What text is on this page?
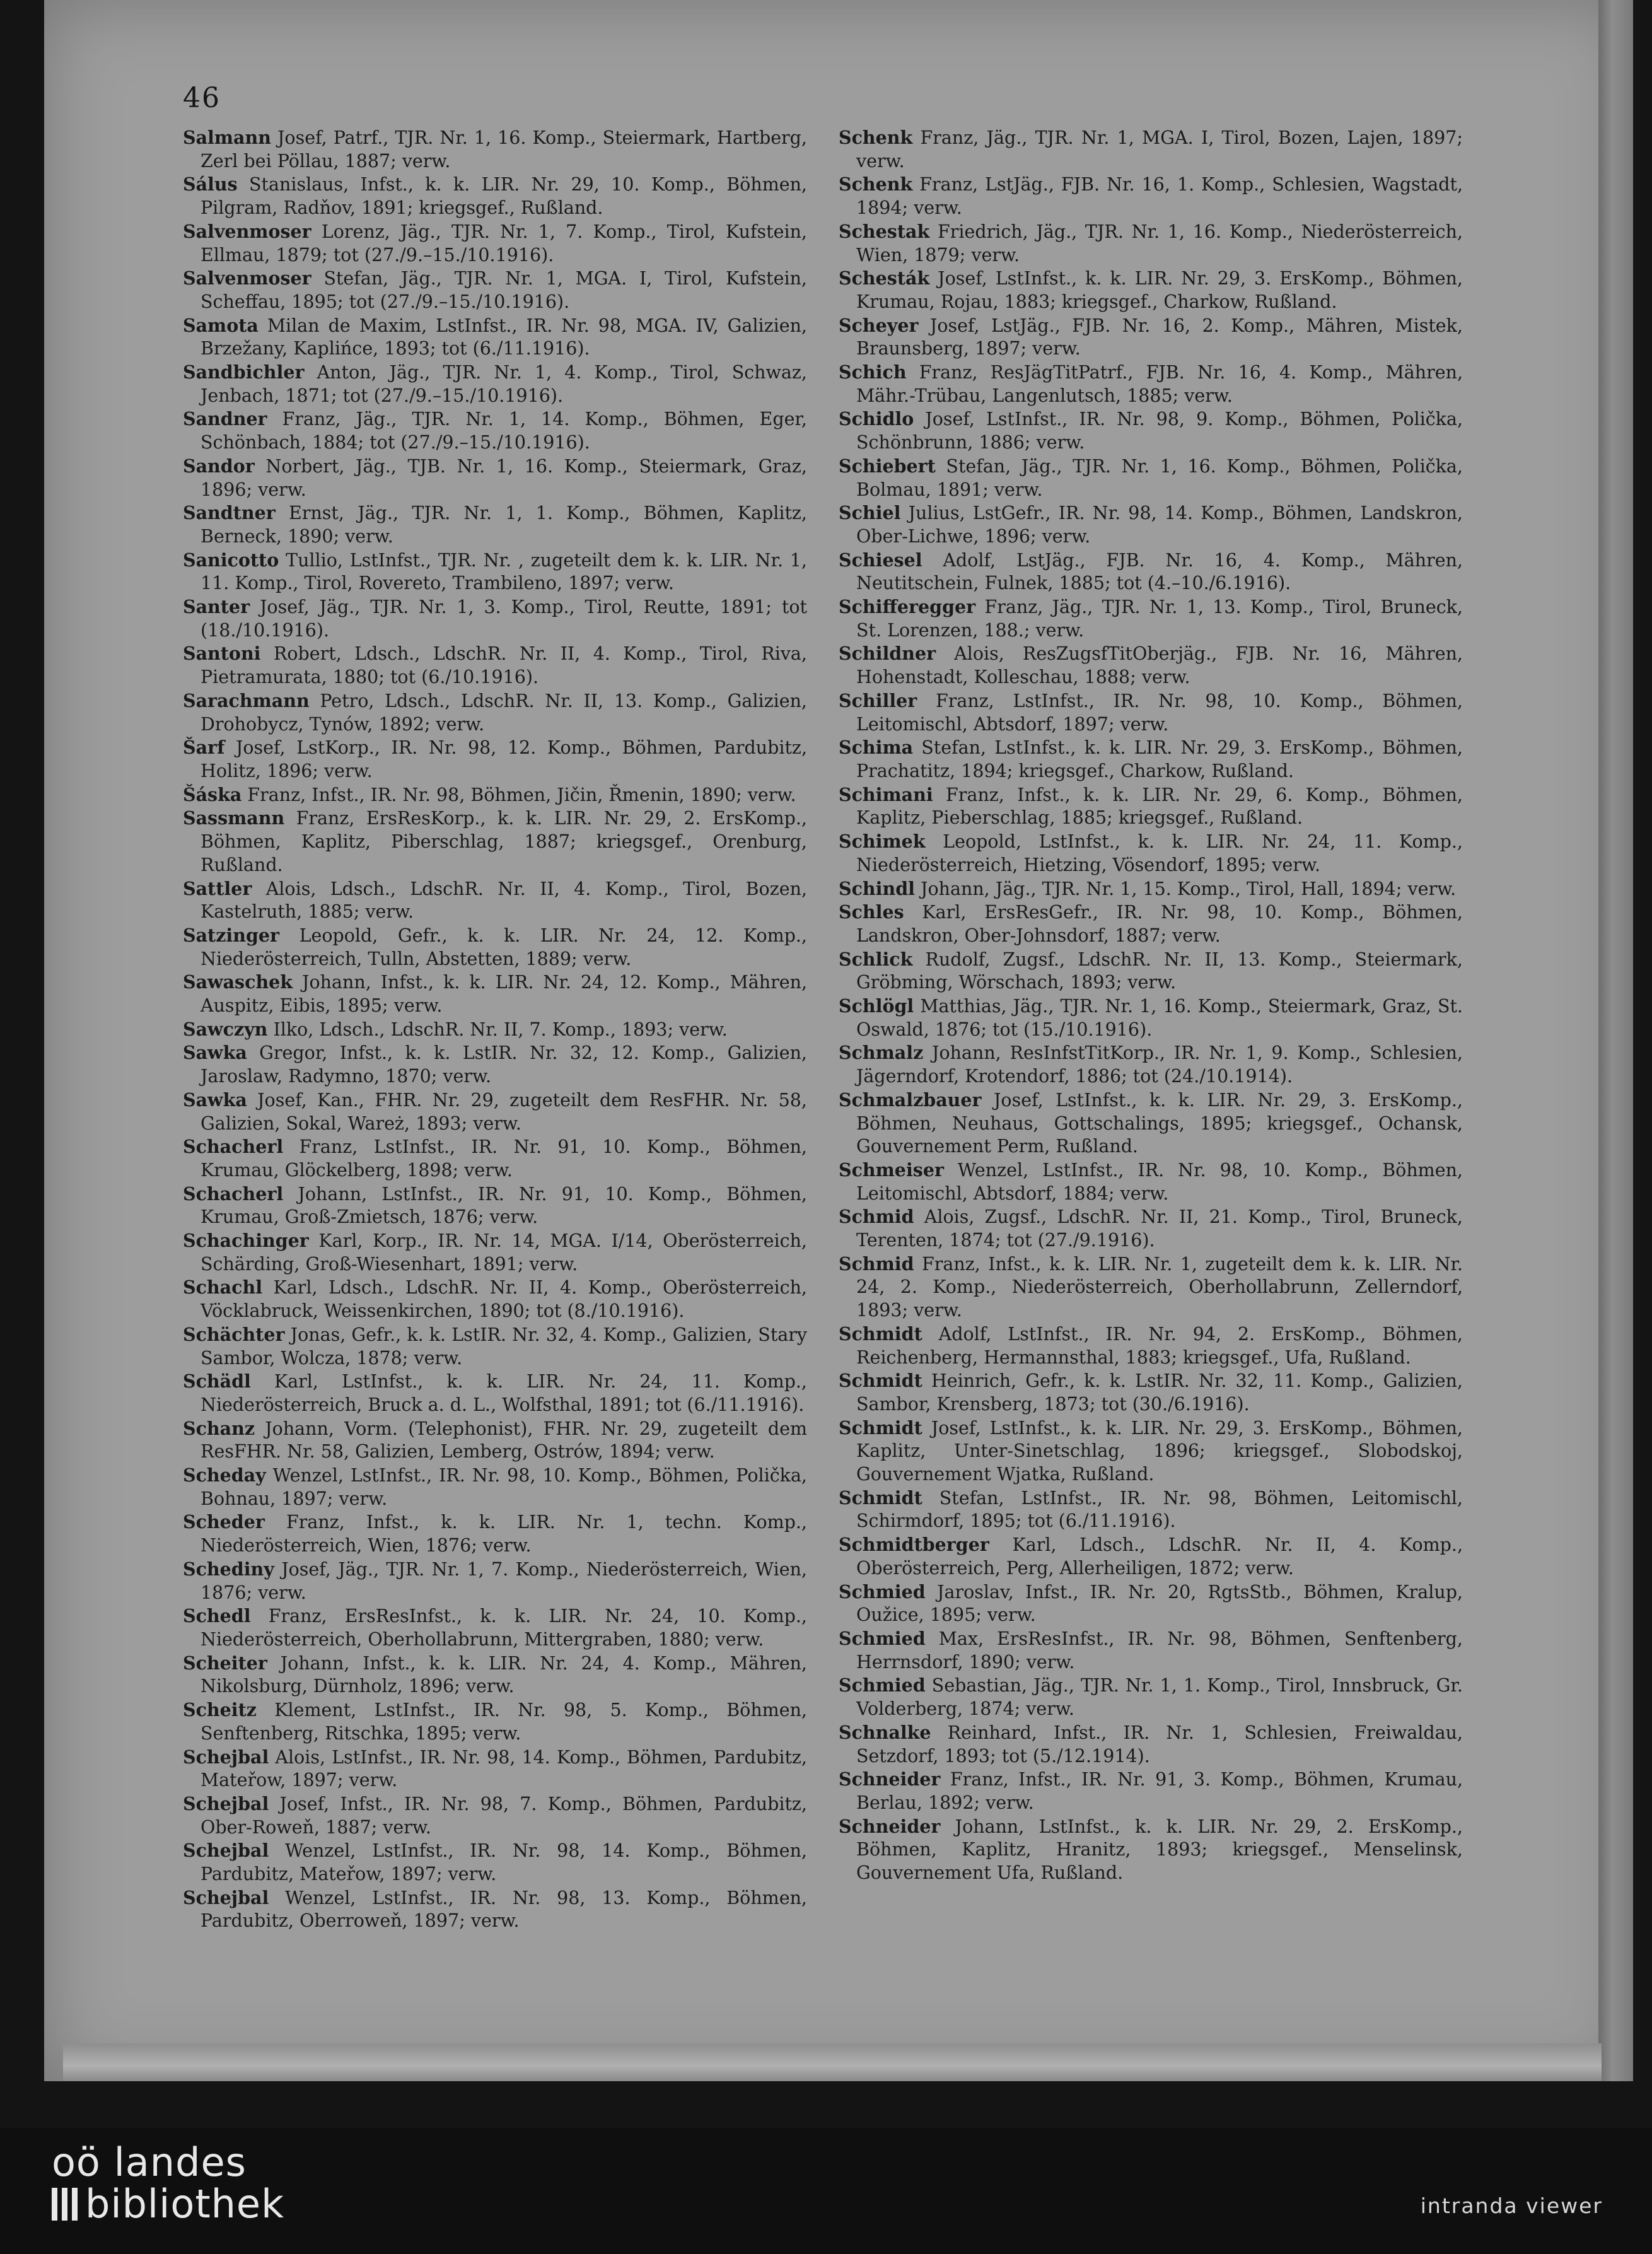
46

Salmann Josef, Patrf., TJR. Nr. 1, 16. Komp., Steiermark, Hartberg, Zerl bei Pöllau, 1887; verw.

Sálus Stanislaus, Infst., k. k. LIR. Nr. 29, 10. Komp., Böhmen, Pilgram, Radňov, 1891; kriegsgef., Rußland.

Salvenmoser Lorenz, Jäg., TJR. Nr. 1, 7. Komp., Tirol, Kufstein, Ellmau, 1879; tot (27./9.–15./10.1916).

Salvenmoser Stefan, Jäg., TJR. Nr. 1, MGA. I, Tirol, Kufstein, Scheffau, 1895; tot (27./9.–15./10.1916).

Samota Milan de Maxim, LstInfst., IR. Nr. 98, MGA. IV, Galizien, Brzežany, Kaplińce, 1893; tot (6./11.1916).

Sandbichler Anton, Jäg., TJR. Nr. 1, 4. Komp., Tirol, Schwaz, Jenbach, 1871; tot (27./9.–15./10.1916).

Sandner Franz, Jäg., TJR. Nr. 1, 14. Komp., Böhmen, Eger, Schönbach, 1884; tot (27./9.–15./10.1916).

Sandor Norbert, Jäg., TJB. Nr. 1, 16. Komp., Steiermark, Graz, 1896; verw.

Sandtner Ernst, Jäg., TJR. Nr. 1, 1. Komp., Böhmen, Kaplitz, Berneck, 1890; verw.

Sanicotto Tullio, LstInfst., TJR. Nr. , zugeteilt dem k. k. LIR. Nr. 1, 11. Komp., Tirol, Rovereto, Trambileno, 1897; verw.

Santer Josef, Jäg., TJR. Nr. 1, 3. Komp., Tirol, Reutte, 1891; tot (18./10.1916).

Santoni Robert, Ldsch., LdschR. Nr. II, 4. Komp., Tirol, Riva, Pietramurata, 1880; tot (6./10.1916).

Sarachmann Petro, Ldsch., LdschR. Nr. II, 13. Komp., Galizien, Drohobycz, Tynów, 1892; verw.

Šarf Josef, LstKorp., IR. Nr. 98, 12. Komp., Böhmen, Pardubitz, Holitz, 1896; verw.

Šáska Franz, Infst., IR. Nr. 98, Böhmen, Jičin, Řmenin, 1890; verw.

Sassmann Franz, ErsResKorp., k. k. LIR. Nr. 29, 2. ErsKomp., Böhmen, Kaplitz, Piberschlag, 1887; kriegsgef., Orenburg, Rußland.

Sattler Alois, Ldsch., LdschR. Nr. II, 4. Komp., Tirol, Bozen, Kastelruth, 1885; verw.

Satzinger Leopold, Gefr., k. k. LIR. Nr. 24, 12. Komp., Niederösterreich, Tulln, Abstetten, 1889; verw.

Sawaschek Johann, Infst., k. k. LIR. Nr. 24, 12. Komp., Mähren, Auspitz, Eibis, 1895; verw.

Sawczyn Ilko, Ldsch., LdschR. Nr. II, 7. Komp., 1893; verw.

Sawka Gregor, Infst., k. k. LstIR. Nr. 32, 12. Komp., Galizien, Jaroslaw, Radymno, 1870; verw.

Sawka Josef, Kan., FHR. Nr. 29, zugeteilt dem ResFHR. Nr. 58, Galizien, Sokal, Wareż, 1893; verw.

Schacherl Franz, LstInfst., IR. Nr. 91, 10. Komp., Böhmen, Krumau, Glöckelberg, 1898; verw.

Schacherl Johann, LstInfst., IR. Nr. 91, 10. Komp., Böhmen, Krumau, Groß-Zmietsch, 1876; verw.

Schachinger Karl, Korp., IR. Nr. 14, MGA. I/14, Oberösterreich, Schärding, Groß-Wiesenhart, 1891; verw.

Schachl Karl, Ldsch., LdschR. Nr. II, 4. Komp., Oberösterreich, Vöcklabruck, Weissenkirchen, 1890; tot (8./10.1916).

Schächter Jonas, Gefr., k. k. LstIR. Nr. 32, 4. Komp., Galizien, Stary Sambor, Wolcza, 1878; verw.

Schädl Karl, LstInfst., k. k. LIR. Nr. 24, 11. Komp., Niederösterreich, Bruck a. d. L., Wolfsthal, 1891; tot (6./11.1916).

Schanz Johann, Vorm. (Telephonist), FHR. Nr. 29, zugeteilt dem ResFHR. Nr. 58, Galizien, Lemberg, Ostrów, 1894; verw.

Scheday Wenzel, LstInfst., IR. Nr. 98, 10. Komp., Böhmen, Polička, Bohnau, 1897; verw.

Scheder Franz, Infst., k. k. LIR. Nr. 1, techn. Komp., Niederösterreich, Wien, 1876; verw.

Schediny Josef, Jäg., TJR. Nr. 1, 7. Komp., Niederösterreich, Wien, 1876; verw.

Schedl Franz, ErsResInfst., k. k. LIR. Nr. 24, 10. Komp., Niederösterreich, Oberhollabrunn, Mittergraben, 1880; verw.

Scheiter Johann, Infst., k. k. LIR. Nr. 24, 4. Komp., Mähren, Nikolsburg, Dürnholz, 1896; verw.

Scheitz Klement, LstInfst., IR. Nr. 98, 5. Komp., Böhmen, Senftenberg, Ritschka, 1895; verw.

Schejbal Alois, LstInfst., IR. Nr. 98, 14. Komp., Böhmen, Pardubitz, Mateřow, 1897; verw.

Schejbal Josef, Infst., IR. Nr. 98, 7. Komp., Böhmen, Pardubitz, Ober-Roweň, 1887; verw.

Schejbal Wenzel, LstInfst., IR. Nr. 98, 14. Komp., Böhmen, Pardubitz, Mateřow, 1897; verw.

Schejbal Wenzel, LstInfst., IR. Nr. 98, 13. Komp., Böhmen, Pardubitz, Oberroweň, 1897; verw.

Schenk Franz, Jäg., TJR. Nr. 1, MGA. I, Tirol, Bozen, Lajen, 1897; verw.

Schenk Franz, LstJäg., FJB. Nr. 16, 1. Komp., Schlesien, Wagstadt, 1894; verw.

Schestak Friedrich, Jäg., TJR. Nr. 1, 16. Komp., Niederösterreich, Wien, 1879; verw.

Schesták Josef, LstInfst., k. k. LIR. Nr. 29, 3. ErsKomp., Böhmen, Krumau, Rojau, 1883; kriegsgef., Charkow, Rußland.

Scheyer Josef, LstJäg., FJB. Nr. 16, 2. Komp., Mähren, Mistek, Braunsberg, 1897; verw.

Schich Franz, ResJägTitPatrf., FJB. Nr. 16, 4. Komp., Mähren, Mähr.-Trübau, Langenlutsch, 1885; verw.

Schidlo Josef, LstInfst., IR. Nr. 98, 9. Komp., Böhmen, Polička, Schönbrunn, 1886; verw.

Schiebert Stefan, Jäg., TJR. Nr. 1, 16. Komp., Böhmen, Polička, Bolmau, 1891; verw.

Schiel Julius, LstGefr., IR. Nr. 98, 14. Komp., Böhmen, Landskron, Ober-Lichwe, 1896; verw.

Schiesel Adolf, LstJäg., FJB. Nr. 16, 4. Komp., Mähren, Neutitschein, Fulnek, 1885; tot (4.–10./6.1916).

Schifferegger Franz, Jäg., TJR. Nr. 1, 13. Komp., Tirol, Bruneck, St. Lorenzen, 188.; verw.

Schildner Alois, ResZugsfTitOberjäg., FJB. Nr. 16, Mähren, Hohenstadt, Kolleschau, 1888; verw.

Schiller Franz, LstInfst., IR. Nr. 98, 10. Komp., Böhmen, Leitomischl, Abtsdorf, 1897; verw.

Schima Stefan, LstInfst., k. k. LIR. Nr. 29, 3. ErsKomp., Böhmen, Prachatitz, 1894; kriegsgef., Charkow, Rußland.

Schimani Franz, Infst., k. k. LIR. Nr. 29, 6. Komp., Böhmen, Kaplitz, Pieberschlag, 1885; kriegsgef., Rußland.

Schimek Leopold, LstInfst., k. k. LIR. Nr. 24, 11. Komp., Niederösterreich, Hietzing, Vösendorf, 1895; verw.

Schindl Johann, Jäg., TJR. Nr. 1, 15. Komp., Tirol, Hall, 1894; verw.

Schles Karl, ErsResGefr., IR. Nr. 98, 10. Komp., Böhmen, Landskron, Ober-Johnsdorf, 1887; verw.

Schlick Rudolf, Zugsf., LdschR. Nr. II, 13. Komp., Steiermark, Gröbming, Wörschach, 1893; verw.

Schlögl Matthias, Jäg., TJR. Nr. 1, 16. Komp., Steiermark, Graz, St. Oswald, 1876; tot (15./10.1916).

Schmalz Johann, ResInfstTitKorp., IR. Nr. 1, 9. Komp., Schlesien, Jägerndorf, Krotendorf, 1886; tot (24./10.1914).

Schmalzbauer Josef, LstInfst., k. k. LIR. Nr. 29, 3. ErsKomp., Böhmen, Neuhaus, Gottschalings, 1895; kriegsgef., Ochansk, Gouvernement Perm, Rußland.

Schmeiser Wenzel, LstInfst., IR. Nr. 98, 10. Komp., Böhmen, Leitomischl, Abtsdorf, 1884; verw.

Schmid Alois, Zugsf., LdschR. Nr. II, 21. Komp., Tirol, Bruneck, Terenten, 1874; tot (27./9.1916).

Schmid Franz, Infst., k. k. LIR. Nr. 1, zugeteilt dem k. k. LIR. Nr. 24, 2. Komp., Niederösterreich, Oberhollabrunn, Zellerndorf, 1893; verw.

Schmidt Adolf, LstInfst., IR. Nr. 94, 2. ErsKomp., Böhmen, Reichenberg, Hermannsthal, 1883; kriegsgef., Ufa, Rußland.

Schmidt Heinrich, Gefr., k. k. LstIR. Nr. 32, 11. Komp., Galizien, Sambor, Krensberg, 1873; tot (30./6.1916).

Schmidt Josef, LstInfst., k. k. LIR. Nr. 29, 3. ErsKomp., Böhmen, Kaplitz, Unter-Sinetschlag, 1896; kriegsgef., Slobodskoj, Gouvernement Wjatka, Rußland.

Schmidt Stefan, LstInfst., IR. Nr. 98, Böhmen, Leitomischl, Schirmdorf, 1895; tot (6./11.1916).

Schmidtberger Karl, Ldsch., LdschR. Nr. II, 4. Komp., Oberösterreich, Perg, Allerheiligen, 1872; verw.

Schmied Jaroslav, Infst., IR. Nr. 20, RgtsStb., Böhmen, Kralup, Oužice, 1895; verw.

Schmied Max, ErsResInfst., IR. Nr. 98, Böhmen, Senftenberg, Herrnsdorf, 1890; verw.

Schmied Sebastian, Jäg., TJR. Nr. 1, 1. Komp., Tirol, Innsbruck, Gr. Volderberg, 1874; verw.

Schnalke Reinhard, Infst., IR. Nr. 1, Schlesien, Freiwaldau, Setzdorf, 1893; tot (5./12.1914).

Schneider Franz, Infst., IR. Nr. 91, 3. Komp., Böhmen, Krumau, Berlau, 1892; verw.

Schneider Johann, LstInfst., k. k. LIR. Nr. 29, 2. ErsKomp., Böhmen, Kaplitz, Hranitz, 1893; kriegsgef., Menselinsk, Gouvernement Ufa, Rußland.

oö landes
bibliothek	intranda viewer
